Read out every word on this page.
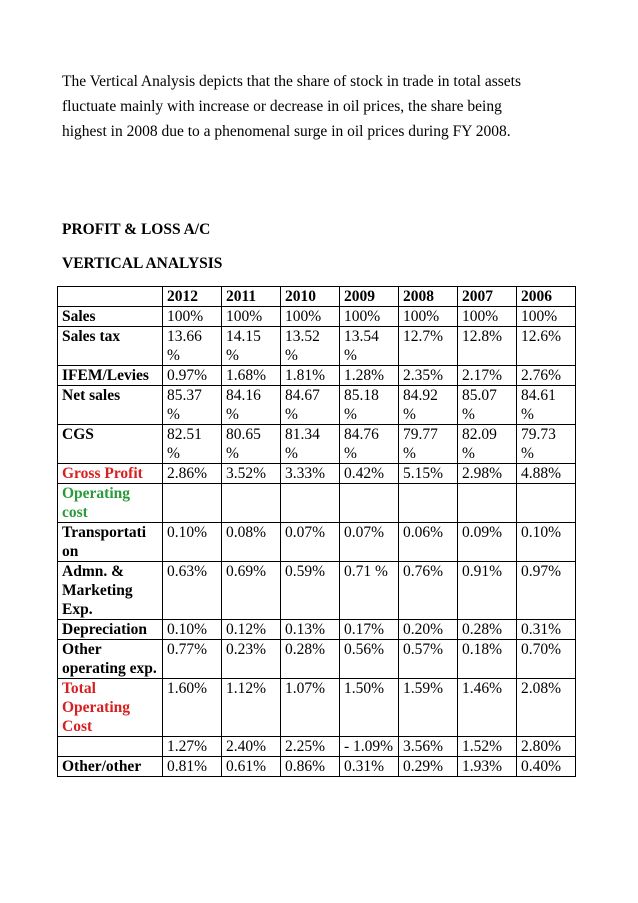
The Vertical Analysis depicts that the share of stock in trade in total assets
fluctuate mainly with increase or decrease in oil prices, the share being
highest in 2008 due to a phenomenal surge in oil prices during FY 2008.
PROFIT & LOSS A/C
VERTICAL ANALYSIS
	2012	2011	2010	2009	2008	2007	2006
Sales	100%	100%	100%	100%	100%	100%	100%
Sales tax	13.66 %	14.15 %	13.52 %	13.54 %	12.7%	12.8%	12.6%
IFEM/Levies	0.97%	1.68%	1.81%	1.28%	2.35%	2.17%	2.76%
Net sales	85.37 %	84.16 %	84.67 %	85.18 %	84.92 %	85.07 %	84.61 %
CGS	82.51 %	80.65 %	81.34 %	84.76 %	79.77 %	82.09 %	79.73 %
Gross Profit	2.86%	3.52%	3.33%	0.42%	5.15%	2.98%	4.88%
Operating cost							
Transportati on	0.10%	0.08%	0.07%	0.07%	0.06%	0.09%	0.10%
Admn. & Marketing Exp.	0.63%	0.69%	0.59%	0.71 %	0.76%	0.91%	0.97%
Depreciation	0.10%	0.12%	0.13%	0.17%	0.20%	0.28%	0.31%
Other operating exp.	0.77%	0.23%	0.28%	0.56%	0.57%	0.18%	0.70%
Total Operating Cost	1.60%	1.12%	1.07%	1.50%	1.59%	1.46%	2.08%
	1.27%	2.40%	2.25%	- 1.09%	3.56%	1.52%	2.80%
Other/other	0.81%	0.61%	0.86%	0.31%	0.29%	1.93%	0.40%
